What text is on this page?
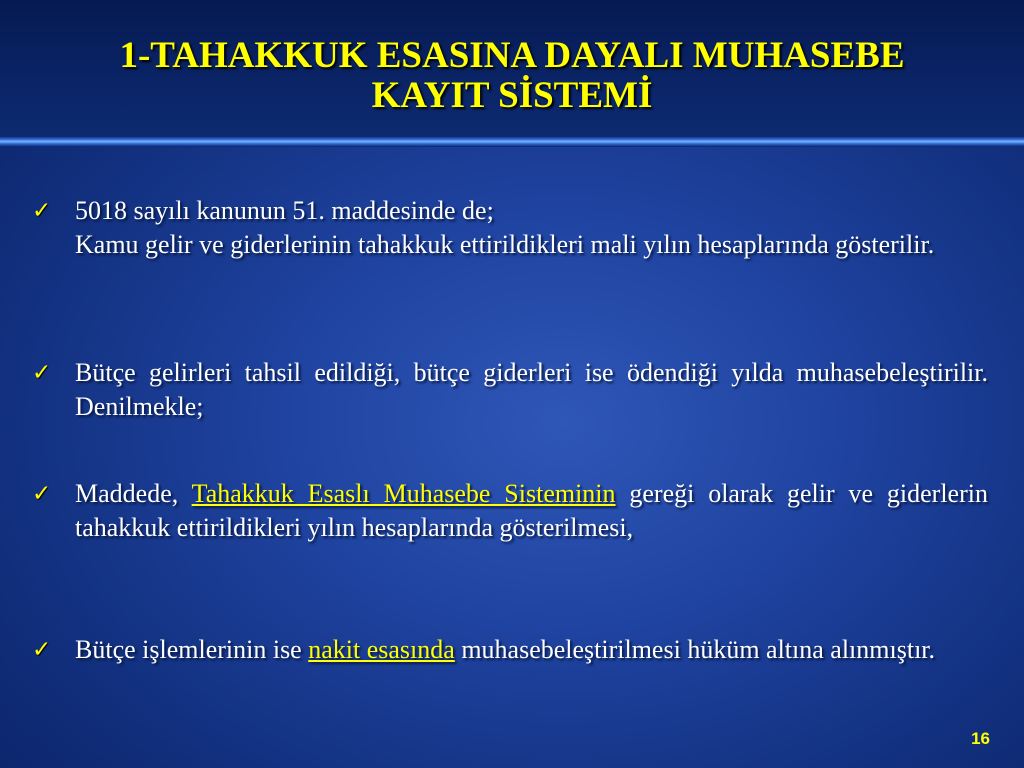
1-TAHAKKUK ESASINA DAYALI MUHASEBE
KAYIT SİSTEMİ
✓ 5018 sayılı kanunun 51. maddesinde de;

Kamu gelir ve giderlerinin tahakkuk ettirildikleri mali yılın hesaplarında gösterilir.

✓ Bütçe gelirleri tahsil edildiği, bütçe giderleri ise ödendiği yılda muhasebeleştirilir. Denilmekle;
✓ Maddede, Tahakkuk Esaslı Muhasebe Sisteminin gereği olarak gelir ve giderlerin tahakkuk ettirildikleri yılın hesaplarında gösterilmesi,
✓ Bütçe işlemlerinin ise nakit esasında muhasebeleştirilmesi hüküm altına alınmıştır.
16
